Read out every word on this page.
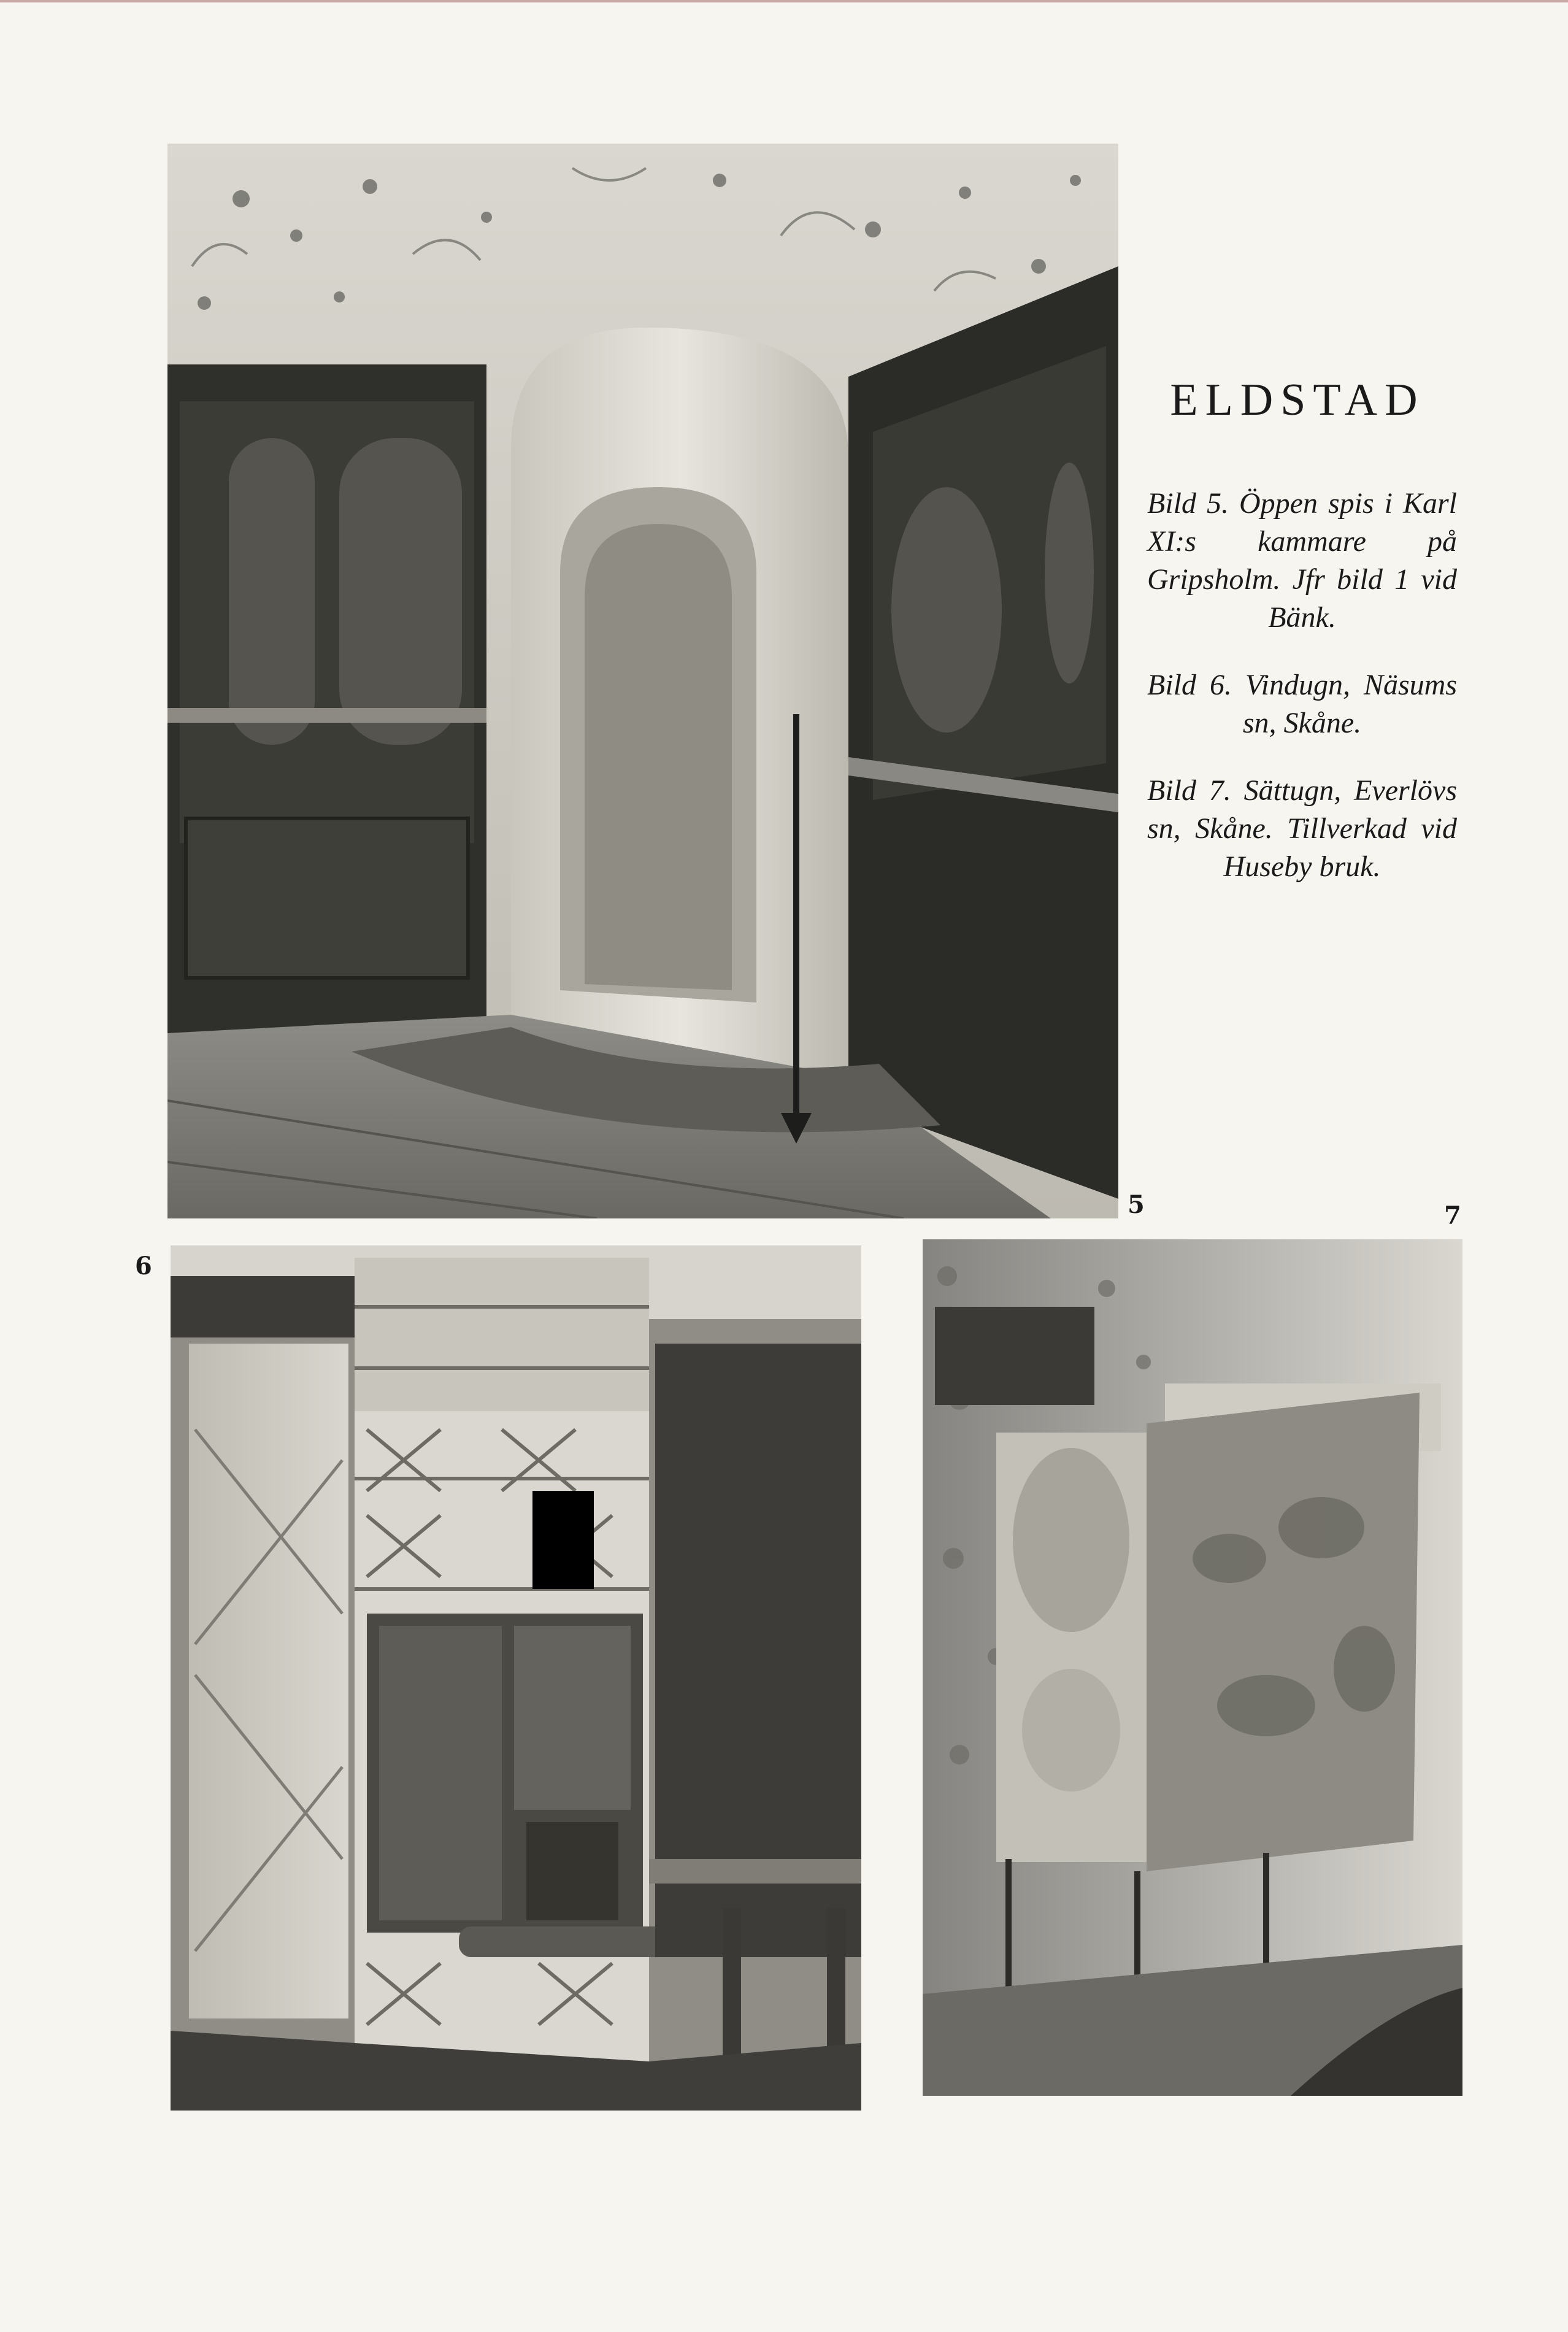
ELDSTAD

Bild 5. Öppen spis i Karl XI:s kammare på Gripsholm. Jfr bild 1 vid Bänk.

Bild 6. Vindugn, Näsums sn, Skåne.

Bild 7. Sättugn, Everlövs sn, Skåne. Tillverkad vid Huseby bruk.

5
6
7
